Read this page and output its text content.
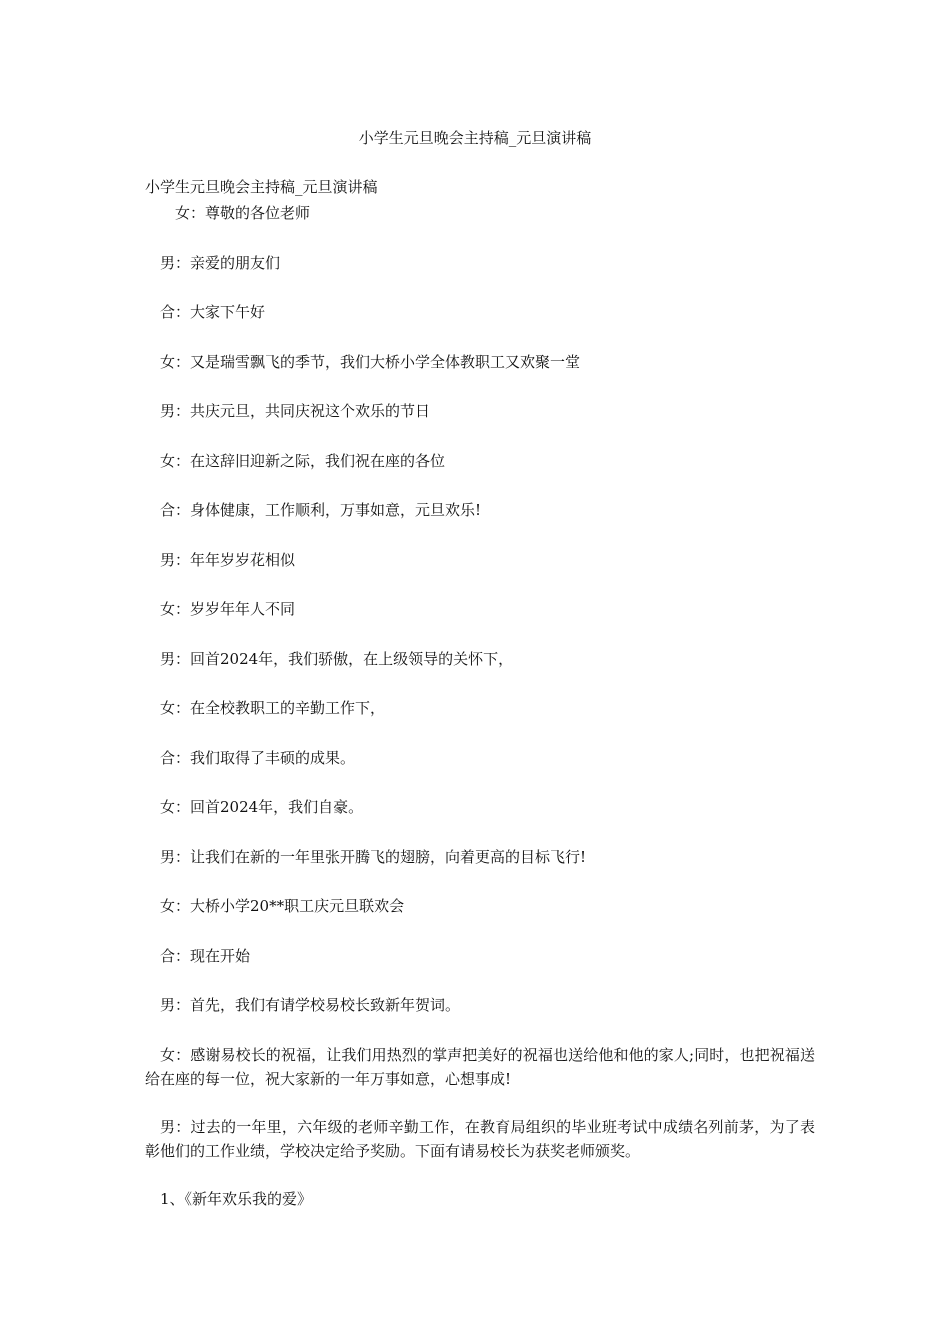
小学生元旦晚会主持稿_元旦演讲稿
小学生元旦晚会主持稿_元旦演讲稿

女：尊敬的各位老师

男：亲爱的朋友们

合：大家下午好

女：又是瑞雪飘飞的季节，我们大桥小学全体教职工又欢聚一堂

男：共庆元旦，共同庆祝这个欢乐的节日

女：在这辞旧迎新之际，我们祝在座的各位

合：身体健康，工作顺利，万事如意，元旦欢乐!

男：年年岁岁花相似

女：岁岁年年人不同

男：回首2024年，我们骄傲，在上级领导的关怀下，

女：在全校教职工的辛勤工作下，

合：我们取得了丰硕的成果。

女：回首2024年，我们自豪。

男：让我们在新的一年里张开腾飞的翅膀，向着更高的目标飞行!

女：大桥小学20**职工庆元旦联欢会

合：现在开始

男：首先，我们有请学校易校长致新年贺词。

女：感谢易校长的祝福，让我们用热烈的掌声把美好的祝福也送给他和他的家人;同时，也把祝福送给在座的每一位，祝大家新的一年万事如意，心想事成!

男：过去的一年里，六年级的老师辛勤工作，在教育局组织的毕业班考试中成绩名列前茅，为了表彰他们的工作业绩，学校决定给予奖励。下面有请易校长为获奖老师颁奖。

1、《新年欢乐我的爱》
